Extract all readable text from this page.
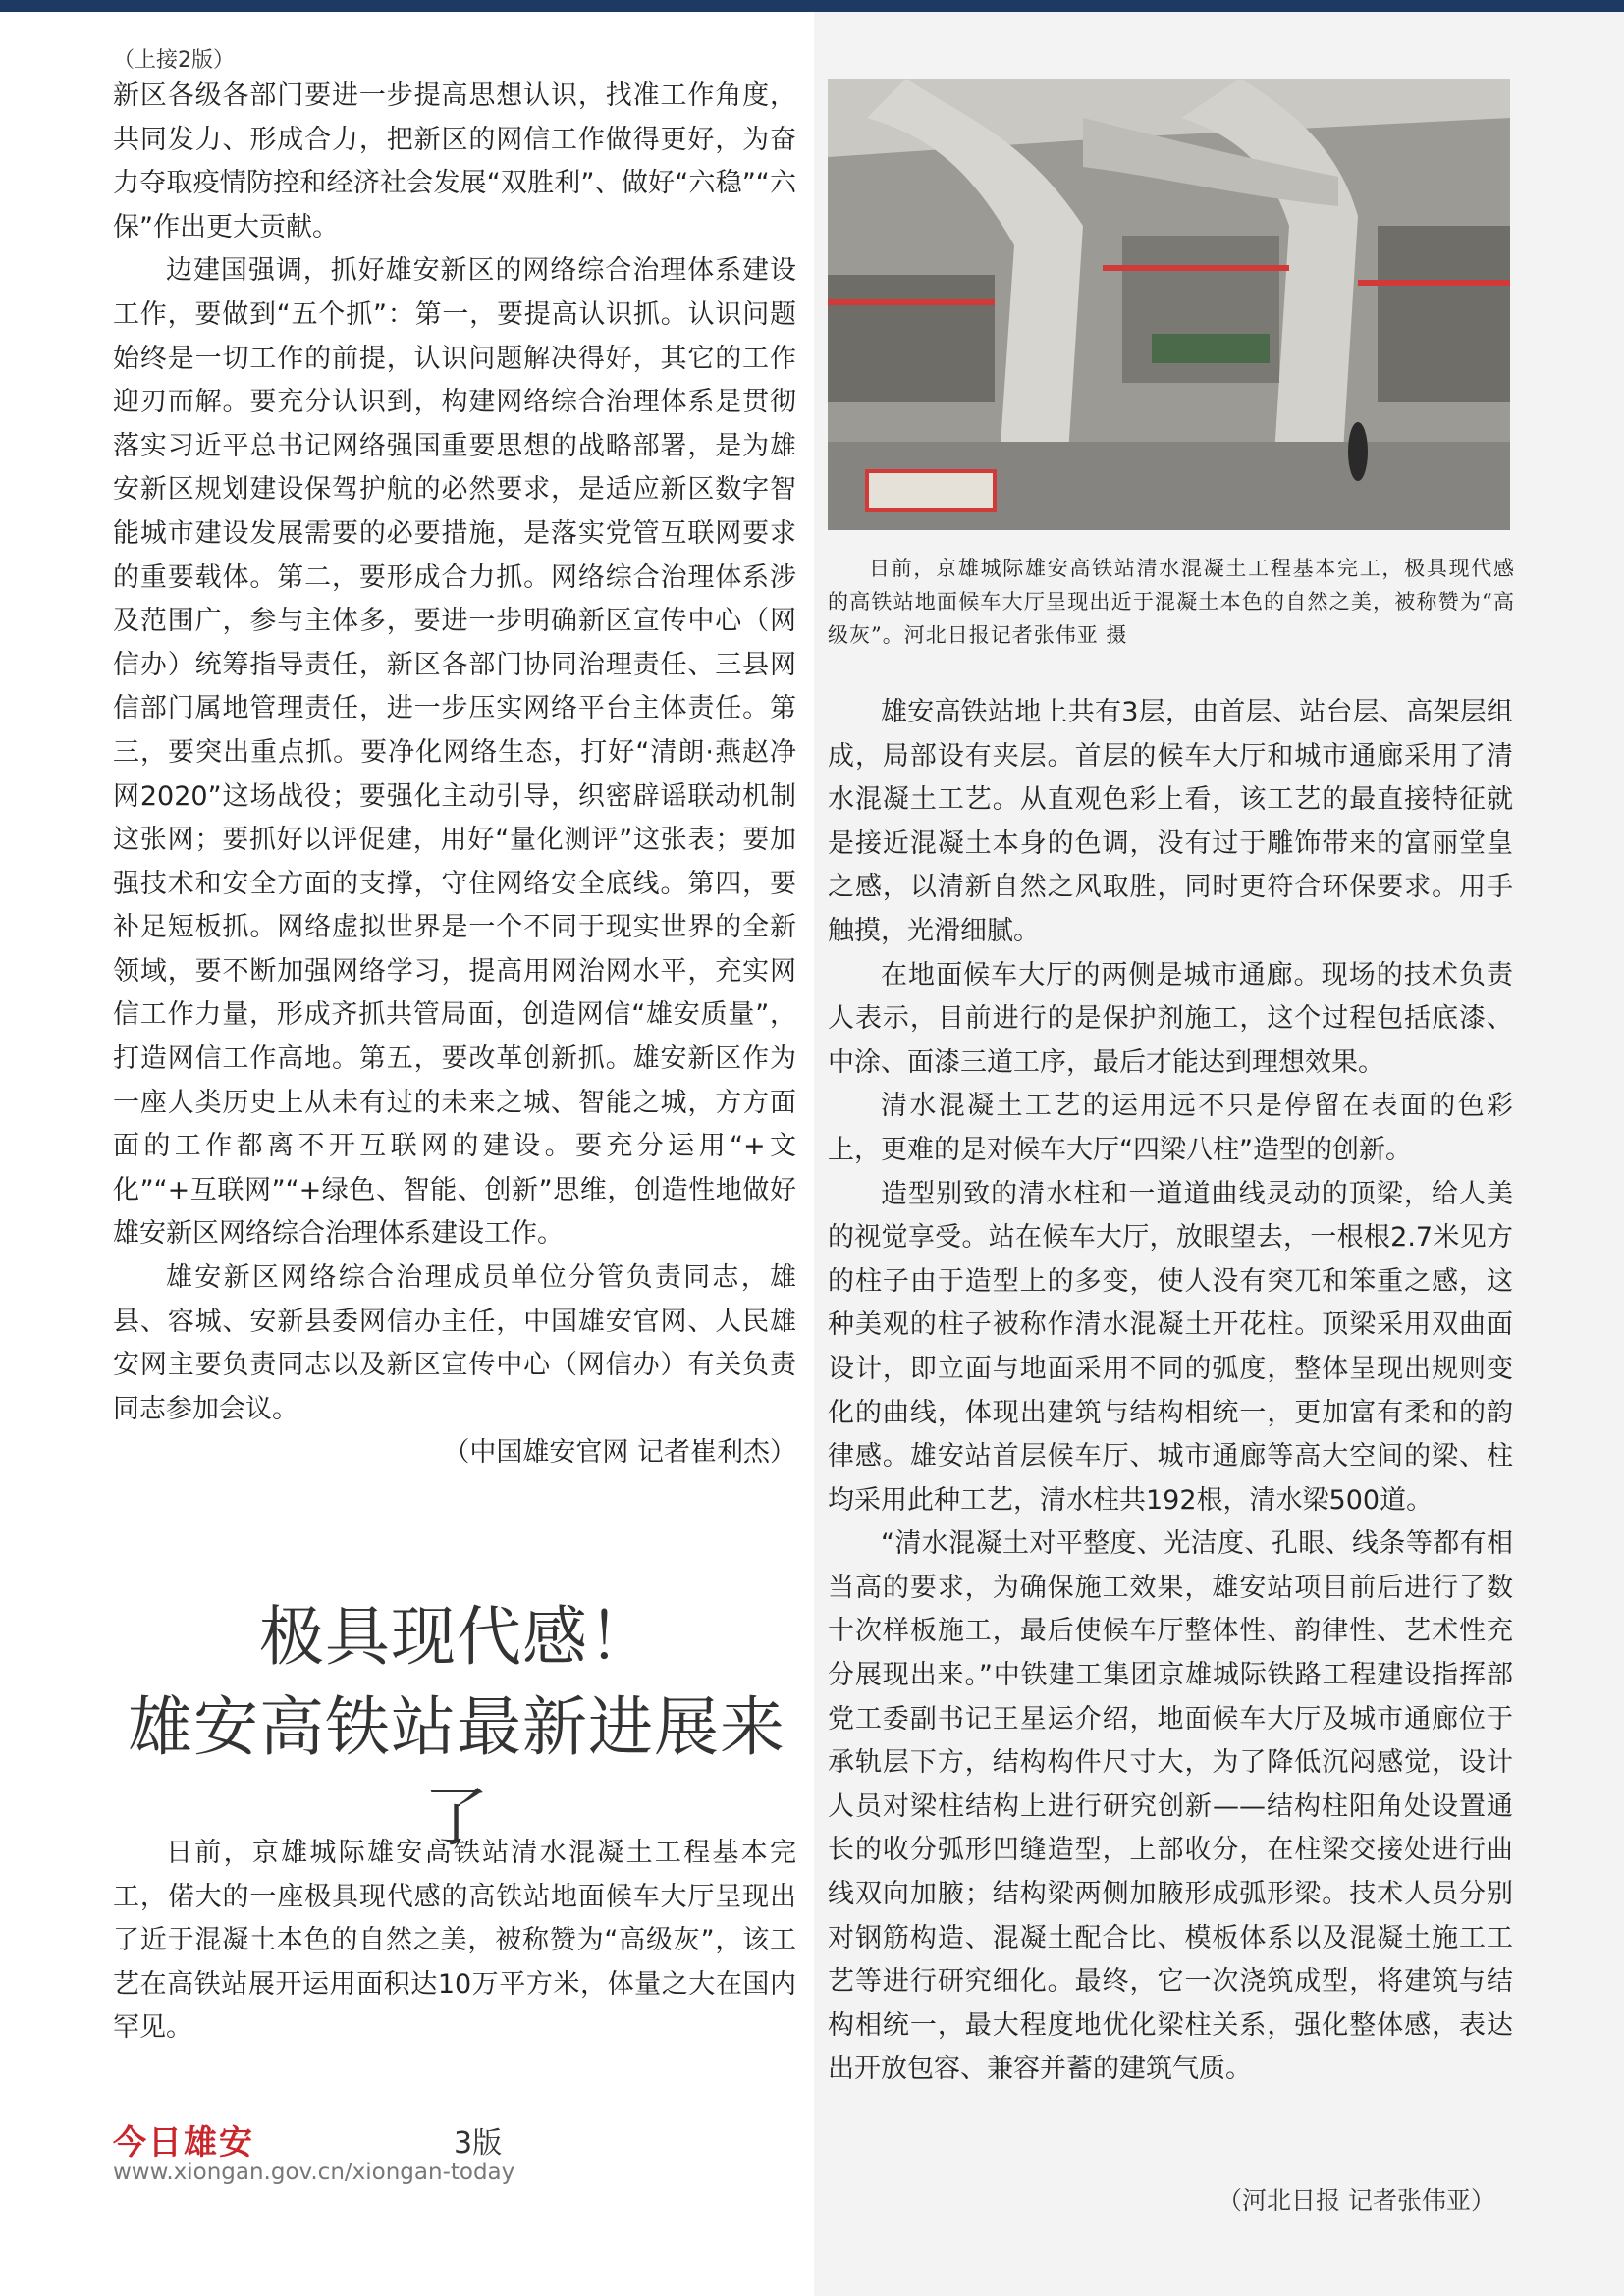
（上接2版）

新区各级各部门要进一步提高思想认识，找准工作角度，共同发力、形成合力，把新区的网信工作做得更好，为奋力夺取疫情防控和经济社会发展“双胜利”、做好“六稳”“六保”作出更大贡献。

边建国强调，抓好雄安新区的网络综合治理体系建设工作，要做到“五个抓”：第一，要提高认识抓。认识问题始终是一切工作的前提，认识问题解决得好，其它的工作迎刃而解。要充分认识到，构建网络综合治理体系是贯彻落实习近平总书记网络强国重要思想的战略部署，是为雄安新区规划建设保驾护航的必然要求，是适应新区数字智能城市建设发展需要的必要措施，是落实党管互联网要求的重要载体。第二，要形成合力抓。网络综合治理体系涉及范围广，参与主体多，要进一步明确新区宣传中心（网信办）统筹指导责任，新区各部门协同治理责任、三县网信部门属地管理责任，进一步压实网络平台主体责任。第三，要突出重点抓。要净化网络生态，打好“清朗·燕赵净网2020”这场战役；要强化主动引导，织密辟谣联动机制这张网；要抓好以评促建，用好“量化测评”这张表；要加强技术和安全方面的支撑，守住网络安全底线。第四，要补足短板抓。网络虚拟世界是一个不同于现实世界的全新领域，要不断加强网络学习，提高用网治网水平，充实网信工作力量，形成齐抓共管局面，创造网信“雄安质量”，打造网信工作高地。第五，要改革创新抓。雄安新区作为一座人类历史上从未有过的未来之城、智能之城，方方面面的工作都离不开互联网的建设。要充分运用“+文化”“+互联网”“+绿色、智能、创新”思维，创造性地做好雄安新区网络综合治理体系建设工作。

雄安新区网络综合治理成员单位分管负责同志，雄县、容城、安新县委网信办主任，中国雄安官网、人民雄安网主要负责同志以及新区宣传中心（网信办）有关负责同志参加会议。

（中国雄安官网 记者崔利杰）

极具现代感！
雄安高铁站最新进展来了

日前，京雄城际雄安高铁站清水混凝土工程基本完工，偌大的一座极具现代感的高铁站地面候车大厅呈现出了近于混凝土本色的自然之美，被称赞为“高级灰”，该工艺在高铁站展开运用面积达10万平方米，体量之大在国内罕见。

今日雄安	3版
www.xiongan.gov.cn/xiongan-today
日前，京雄城际雄安高铁站清水混凝土工程基本完工，极具现代感的高铁站地面候车大厅呈现出近于混凝土本色的自然之美，被称赞为“高级灰”。河北日报记者张伟亚 摄

雄安高铁站地上共有3层，由首层、站台层、高架层组成，局部设有夹层。首层的候车大厅和城市通廊采用了清水混凝土工艺。从直观色彩上看，该工艺的最直接特征就是接近混凝土本身的色调，没有过于雕饰带来的富丽堂皇之感，以清新自然之风取胜，同时更符合环保要求。用手触摸，光滑细腻。

在地面候车大厅的两侧是城市通廊。现场的技术负责人表示，目前进行的是保护剂施工，这个过程包括底漆、中涂、面漆三道工序，最后才能达到理想效果。

清水混凝土工艺的运用远不只是停留在表面的色彩上，更难的是对候车大厅“四梁八柱”造型的创新。

造型别致的清水柱和一道道曲线灵动的顶梁，给人美的视觉享受。站在候车大厅，放眼望去，一根根2.7米见方的柱子由于造型上的多变，使人没有突兀和笨重之感，这种美观的柱子被称作清水混凝土开花柱。顶梁采用双曲面设计，即立面与地面采用不同的弧度，整体呈现出规则变化的曲线，体现出建筑与结构相统一，更加富有柔和的韵律感。雄安站首层候车厅、城市通廊等高大空间的梁、柱均采用此种工艺，清水柱共192根，清水梁500道。

“清水混凝土对平整度、光洁度、孔眼、线条等都有相当高的要求，为确保施工效果，雄安站项目前后进行了数十次样板施工，最后使候车厅整体性、韵律性、艺术性充分展现出来。”中铁建工集团京雄城际铁路工程建设指挥部党工委副书记王星运介绍，地面候车大厅及城市通廊位于承轨层下方，结构构件尺寸大，为了降低沉闷感觉，设计人员对梁柱结构上进行研究创新——结构柱阳角处设置通长的收分弧形凹缝造型，上部收分，在柱梁交接处进行曲线双向加腋；结构梁两侧加腋形成弧形梁。技术人员分别对钢筋构造、混凝土配合比、模板体系以及混凝土施工工艺等进行研究细化。最终，它一次浇筑成型，将建筑与结构相统一，最大程度地优化梁柱关系，强化整体感，表达出开放包容、兼容并蓄的建筑气质。

（河北日报 记者张伟亚）
